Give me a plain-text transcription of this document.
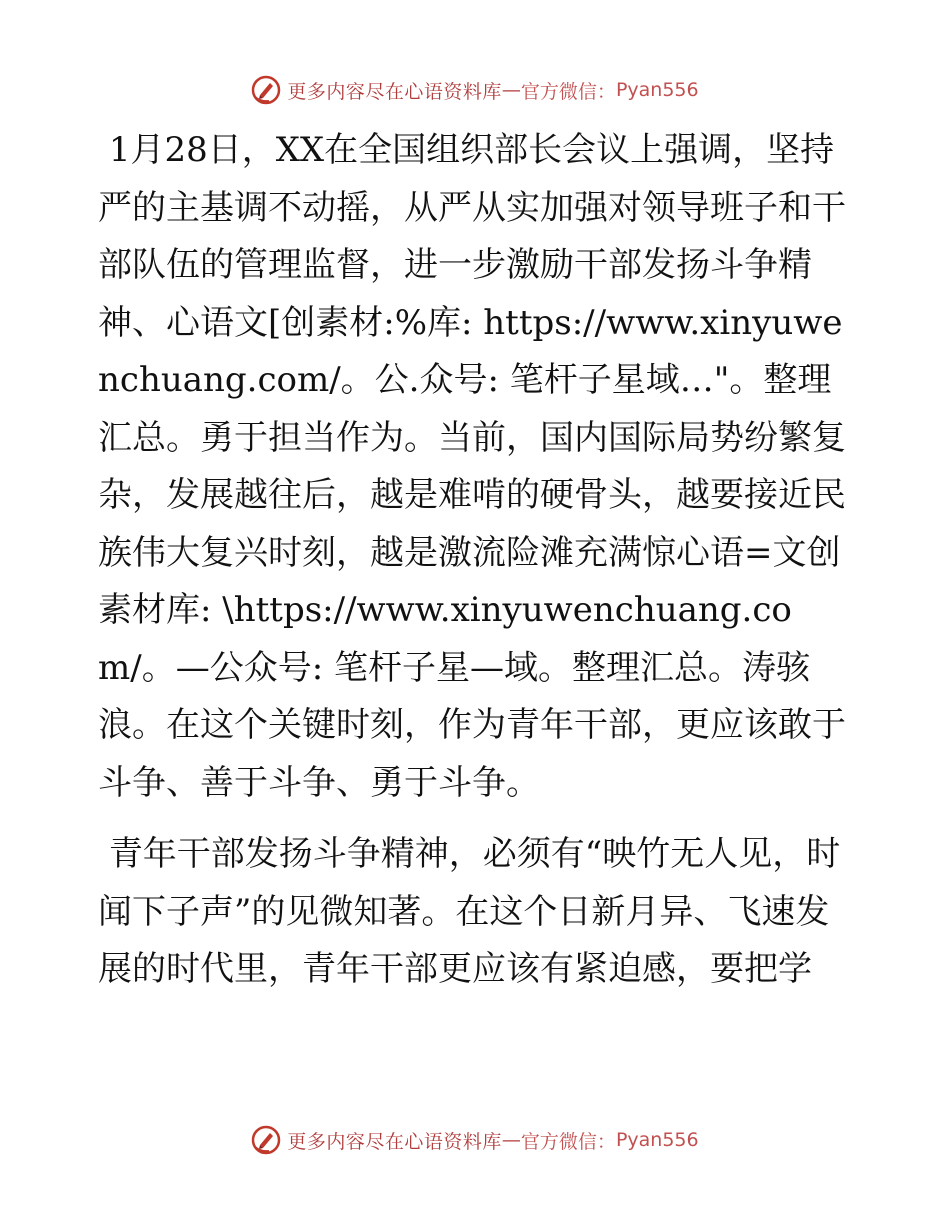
更多内容尽在心语资料库 — 官方微信： Pyan556

1月28日，XX在全国组织部长会议上强调，坚持严的主基调不动摇，从严从实加强对领导班子和干部队伍的管理监督，进一步激励干部发扬斗争精神、心语文[创素材:%库: https://www.xinyuwenchuang.com/。公.众号: 笔杆子星域…"。整理汇总。勇于担当作为。当前，国内国际局势纷繁复杂，发展越往后，越是难啃的硬骨头，越要接近民族伟大复兴时刻，越是激流险滩充满惊心语=文创素材库: \https://www.xinyuwenchuang.com/。—公众号: 笔杆子星—域。整理汇总。涛骇浪。在这个关键时刻，作为青年干部，更应该敢于斗争、善于斗争、勇于斗争。

青年干部发扬斗争精神，必须有“映竹无人见，时闻下子声”的见微知著。在这个日新月异、飞速发展的时代里，青年干部更应该有紧迫感，要把学

更多内容尽在心语资料库 — 官方微信： Pyan556
